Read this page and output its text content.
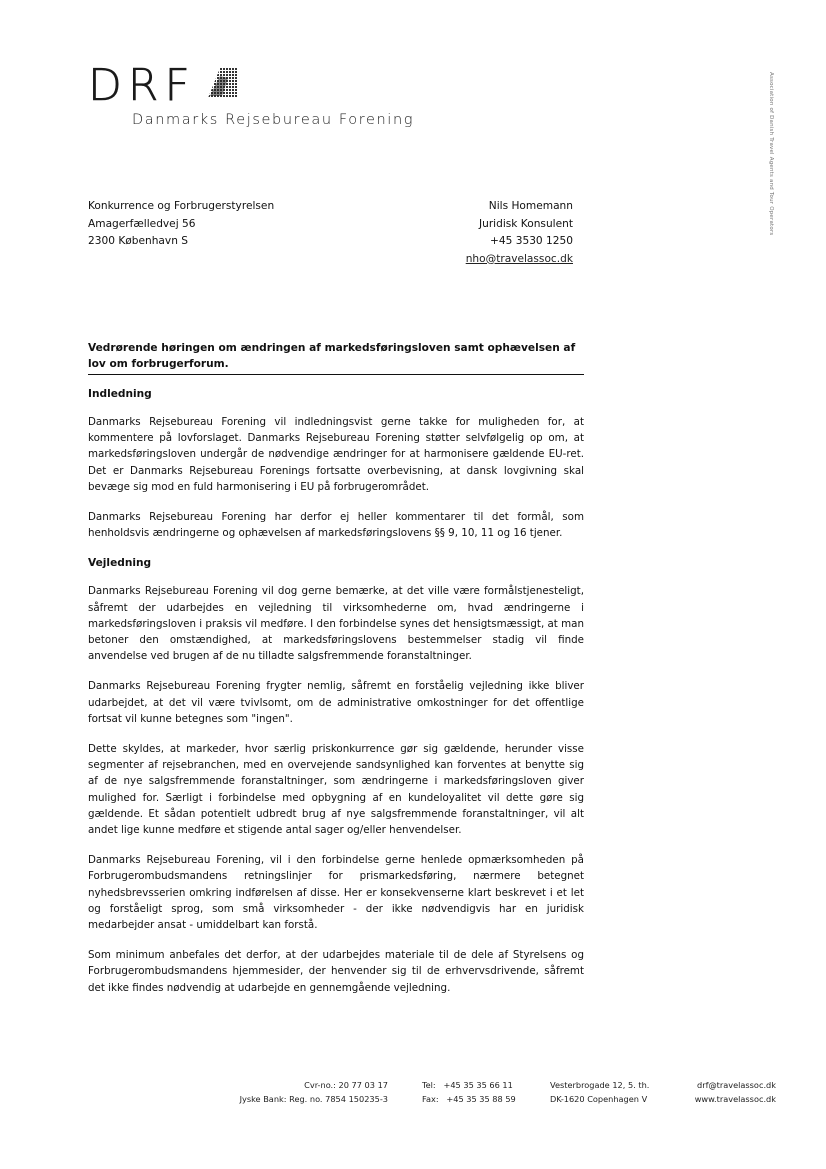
DRF
Danmarks Rejsebureau Forening	Association of Danish Travel Agents and Tour Operators
Konkurrence og Forbrugerstyrelsen
Amagerfælledvej 56
2300 København S
Nils Homemann
Juridisk Konsulent
+45 3530 1250
nho@travelassoc.dk
Vedrørende høringen om ændringen af markedsføringsloven samt ophævelsen af lov om forbrugerforum.
Indledning

Danmarks Rejsebureau Forening vil indledningsvist gerne takke for muligheden for, at kommentere på lovforslaget. Danmarks Rejsebureau Forening støtter selvfølgelig op om, at markedsføringsloven undergår de nødvendige ændringer for at harmonisere gældende EU-ret. Det er Danmarks Rejsebureau Forenings fortsatte overbevisning, at dansk lovgivning skal bevæge sig mod en fuld harmonisering i EU på forbrugerområdet.

Danmarks Rejsebureau Forening har derfor ej heller kommentarer til det formål, som henholdsvis ændringerne og ophævelsen af markedsføringslovens §§ 9, 10, 11 og 16 tjener.

Vejledning

Danmarks Rejsebureau Forening vil dog gerne bemærke, at det ville være formålstjenesteligt, såfremt der udarbejdes en vejledning til virksomhederne om, hvad ændringerne i markedsføringsloven i praksis vil medføre. I den forbindelse synes det hensigtsmæssigt, at man betoner den omstændighed, at markedsføringslovens bestemmelser stadig vil finde anvendelse ved brugen af de nu tilladte salgsfremmende foranstaltninger.

Danmarks Rejsebureau Forening frygter nemlig, såfremt en forståelig vejledning ikke bliver udarbejdet, at det vil være tvivlsomt, om de administrative omkostninger for det offentlige fortsat vil kunne betegnes som "ingen".

Dette skyldes, at markeder, hvor særlig priskonkurrence gør sig gældende, herunder visse segmenter af rejsebranchen, med en overvejende sandsynlighed kan forventes at benytte sig af de nye salgsfremmende foranstaltninger, som ændringerne i markedsføringsloven giver mulighed for. Særligt i forbindelse med opbygning af en kundeloyalitet vil dette gøre sig gældende. Et sådan potentielt udbredt brug af nye salgsfremmende foranstaltninger, vil alt andet lige kunne medføre et stigende antal sager og/eller henvendelser.

Danmarks Rejsebureau Forening, vil i den forbindelse gerne henlede opmærksomheden på Forbrugerombudsmandens retningslinjer for prismarkedsføring, nærmere betegnet nyhedsbrevsserien omkring indførelsen af disse. Her er konsekvenserne klart beskrevet i et let og forståeligt sprog, som små virksomheder - der ikke nødvendigvis har en juridisk medarbejder ansat - umiddelbart kan forstå.

Som minimum anbefales det derfor, at der udarbejdes materiale til de dele af Styrelsens og Forbrugerombudsmandens hjemmesider, der henvender sig til de erhvervsdrivende, såfremt det ikke findes nødvendig at udarbejde en gennemgående vejledning.

Cvr-no.: 20 77 03 17
Jyske Bank: Reg. no. 7854 150235-3
Tel:   +45 35 35 66 11
Fax:   +45 35 35 88 59
Vesterbrogade 12, 5. th.
DK-1620 Copenhagen V
drf@travelassoc.dk
www.travelassoc.dk
